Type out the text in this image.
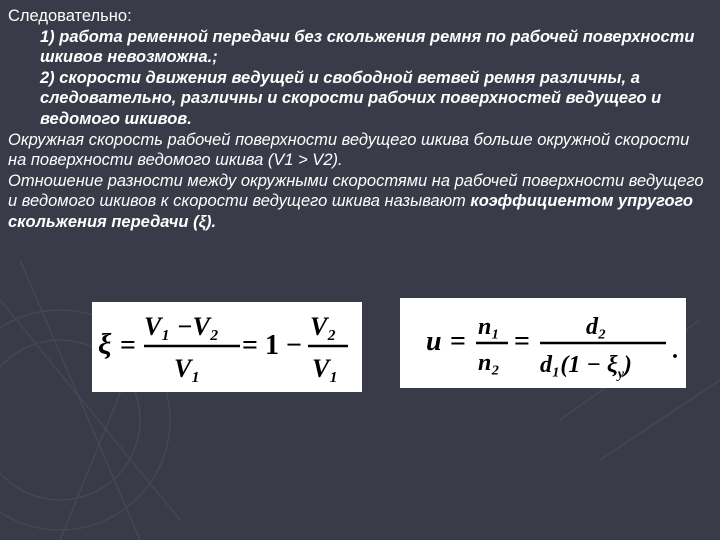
Следовательно:

1) работа ременной передачи без скольжения ремня по рабочей поверхности шкивов невозможна.;

2) скорости движения ведущей и свободной ветвей ремня различны, а следовательно, различны и скорости рабочих поверхностей ведущего и ведомого шкивов.

Окружная скорость рабочей поверхности ведущего шкива больше окружной скорости на поверхности ведомого шкива (V1 > V2).

Отношение разности между окружными скоростями на рабочей поверхности ведущего и ведомого шкивов к скорости ведущего шкива называют коэффициентом упругого скольжения передачи (ξ).

ξ =
V₁ −V₂
V₁
= 1 −
V₂
V₁
u = n₁
n₂
= d₂
$d_1(1 - \xi_у)$
.
